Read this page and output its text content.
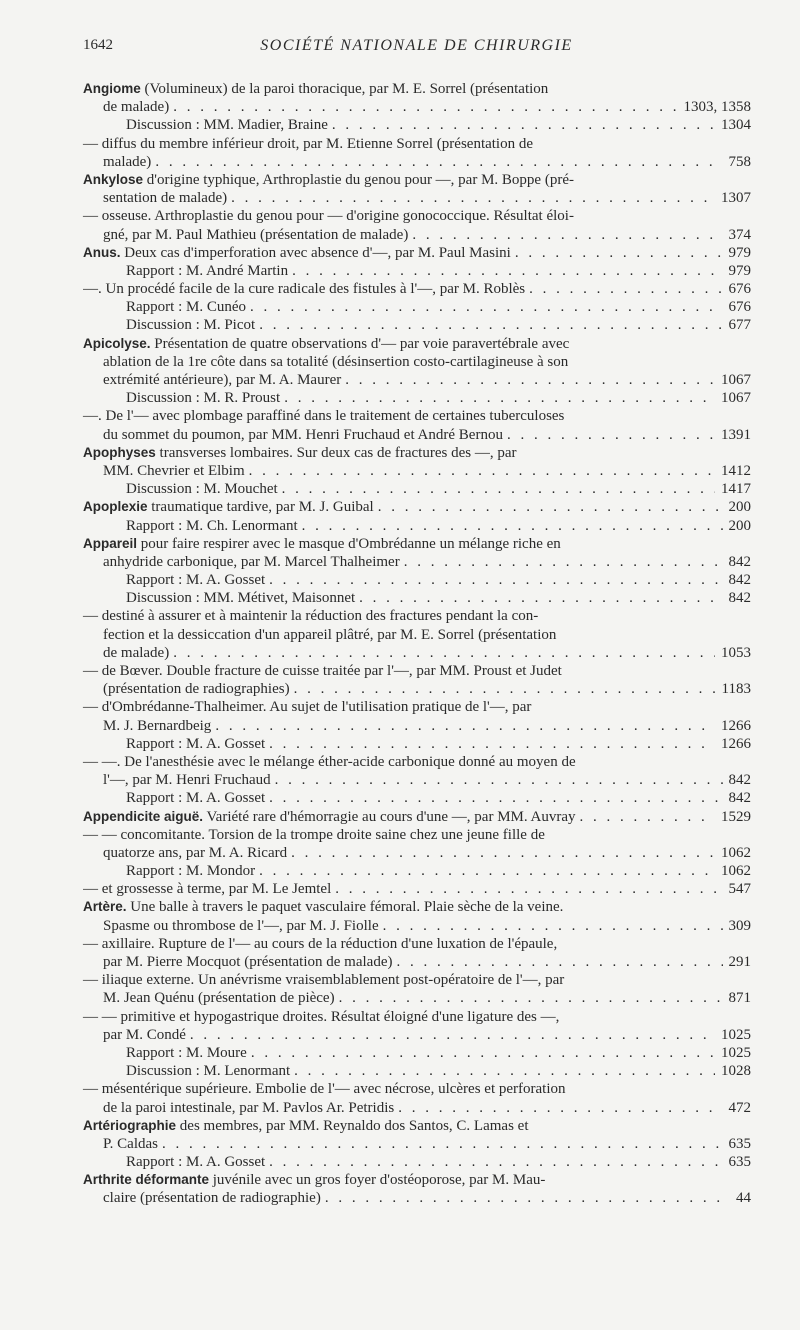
1642	SOCIÉTÉ NATIONALE DE CHIRURGIE
Angiome (Volumineux) de la paroi thoracique, par M. E. Sorrel (présentation
de malade) . . .	1303, 1358
Discussion : MM. Madier, Braine . . .	1304
— diffus du membre inférieur droit, par M. Etienne Sorrel (présentation de
malade) . . .	758
Ankylose d'origine typhique, Arthroplastie du genou pour —, par M. Boppe (pré-
sentation de malade) . . .	1307
— osseuse. Arthroplastie du genou pour — d'origine gonococcique. Résultat éloi-
gné, par M. Paul Mathieu (présentation de malade) . . .	374
Anus. Deux cas d'imperforation avec absence d'—, par M. Paul Masini . . .	979
Rapport : M. André Martin . . .	979
—. Un procédé facile de la cure radicale des fistules à l'—, par M. Roblès . . .	676
Rapport : M. Cunéo . . .	676
Discussion : M. Picot . . .	677
Apicolyse. Présentation de quatre observations d'— par voie paravertébrale avec
ablation de la 1re côte dans sa totalité (désinsertion costo-cartilagineuse à son
extrémité antérieure), par M. A. Maurer . . .	1067
Discussion : M. R. Proust . . .	1067
—. De l'— avec plombage paraffiné dans le traitement de certaines tuberculoses
du sommet du poumon, par MM. Henri Fruchaud et André Bernou . . .	1391
Apophyses transverses lombaires. Sur deux cas de fractures des —, par
MM. Chevrier et Elbim . . .	1412
Discussion : M. Mouchet . . .	1417
Apoplexie traumatique tardive, par M. J. Guibal . . .	200
Rapport : M. Ch. Lenormant . . .	200
Appareil pour faire respirer avec le masque d'Ombrédanne un mélange riche en
anhydride carbonique, par M. Marcel Thalheimer . . .	842
Rapport : M. A. Gosset . . .	842
Discussion : MM. Métivet, Maisonnet . . .	842
— destiné à assurer et à maintenir la réduction des fractures pendant la con-
fection et la dessiccation d'un appareil plâtré, par M. E. Sorrel (présentation
de malade) . . .	1053
— de Bœver. Double fracture de cuisse traitée par l'—, par MM. Proust et Judet
(présentation de radiographies) . . .	1183
— d'Ombrédanne-Thalheimer. Au sujet de l'utilisation pratique de l'—, par
M. J. Bernardbeig . . .	1266
Rapport : M. A. Gosset . . .	1266
— —. De l'anesthésie avec le mélange éther-acide carbonique donné au moyen de
l'—, par M. Henri Fruchaud . . .	842
Rapport : M. A. Gosset . . .	842
Appendicite aiguë. Variété rare d'hémorragie au cours d'une —, par MM. Auvray . . .	1529
— — concomitante. Torsion de la trompe droite saine chez une jeune fille de
quatorze ans, par M. A. Ricard . . .	1062
Rapport : M. Mondor . . .	1062
— et grossesse à terme, par M. Le Jemtel . . .	547
Artère. Une balle à travers le paquet vasculaire fémoral. Plaie sèche de la veine.
Spasme ou thrombose de l'—, par M. J. Fiolle . . .	309
— axillaire. Rupture de l'— au cours de la réduction d'une luxation de l'épaule,
par M. Pierre Mocquot (présentation de malade) . . .	291
— iliaque externe. Un anévrisme vraisemblablement post-opératoire de l'—, par
M. Jean Quénu (présentation de pièce) . . .	871
— — primitive et hypogastrique droites. Résultat éloigné d'une ligature des —,
par M. Condé . . .	1025
Rapport : M. Moure . . .	1025
Discussion : M. Lenormant . . .	1028
— mésentérique supérieure. Embolie de l'— avec nécrose, ulcères et perforation
de la paroi intestinale, par M. Pavlos Ar. Petridis . . .	472
Artériographie des membres, par MM. Reynaldo dos Santos, C. Lamas et
P. Caldas . . .	635
Rapport : M. A. Gosset . . .	635
Arthrite déformante juvénile avec un gros foyer d'ostéoporose, par M. Mau-
claire (présentation de radiographie) . . .	44
